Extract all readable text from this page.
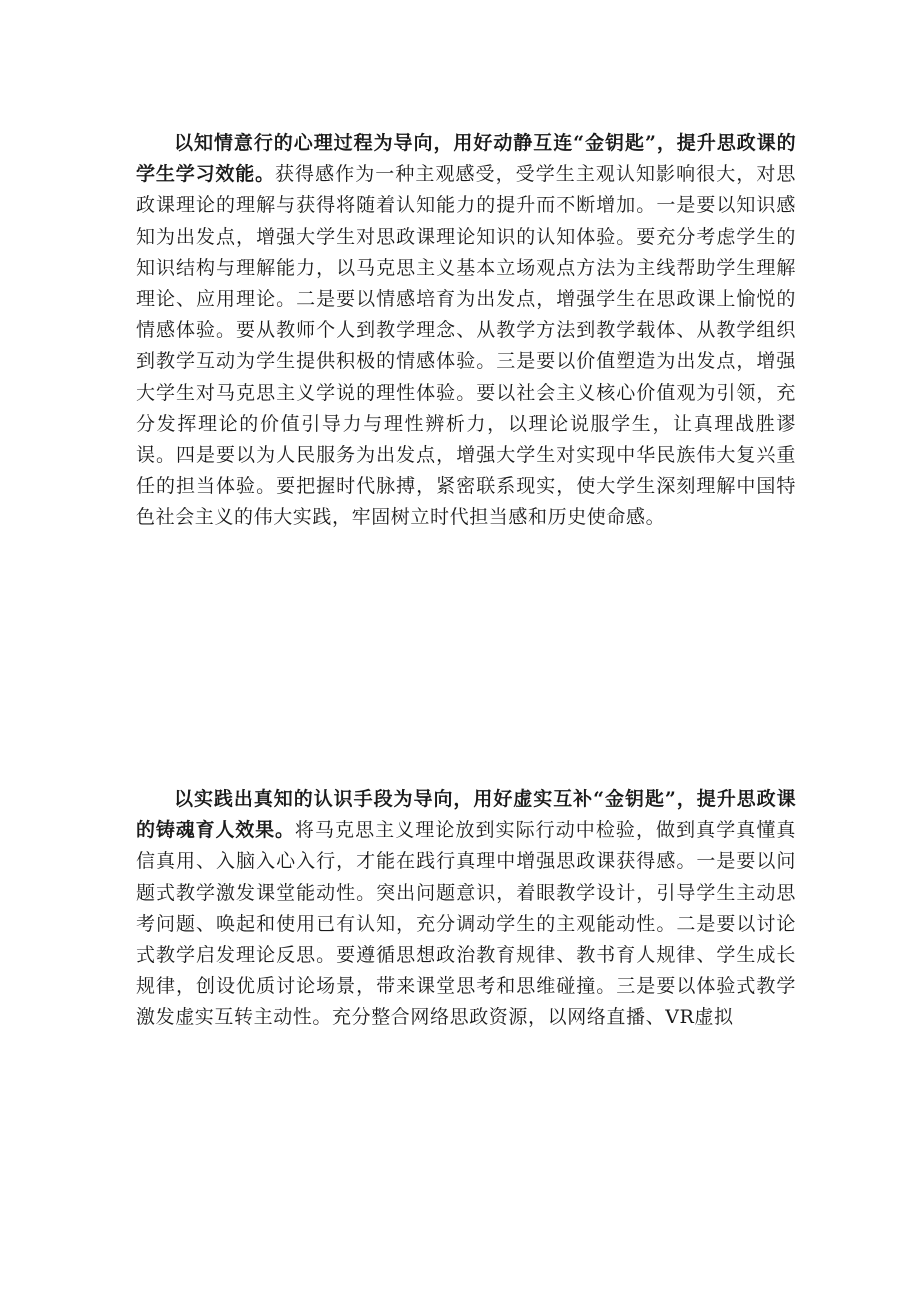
以知情意行的心理过程为导向，用好动静互连“金钥匙”，提升思政课的学生学习效能。获得感作为一种主观感受，受学生主观认知影响很大，对思政课理论的理解与获得将随着认知能力的提升而不断增加。一是要以知识感知为出发点，增强大学生对思政课理论知识的认知体验。要充分考虑学生的知识结构与理解能力，以马克思主义基本立场观点方法为主线帮助学生理解理论、应用理论。二是要以情感培育为出发点，增强学生在思政课上愉悦的情感体验。要从教师个人到教学理念、从教学方法到教学载体、从教学组织到教学互动为学生提供积极的情感体验。三是要以价值塑造为出发点，增强大学生对马克思主义学说的理性体验。要以社会主义核心价值观为引领，充分发挥理论的价值引导力与理性辨析力，以理论说服学生，让真理战胜谬误。四是要以为人民服务为出发点，增强大学生对实现中华民族伟大复兴重任的担当体验。要把握时代脉搏，紧密联系现实，使大学生深刻理解中国特色社会主义的伟大实践，牢固树立时代担当感和历史使命感。

以实践出真知的认识手段为导向，用好虚实互补“金钥匙”，提升思政课的铸魂育人效果。将马克思主义理论放到实际行动中检验，做到真学真懂真信真用、入脑入心入行，才能在践行真理中增强思政课获得感。一是要以问题式教学激发课堂能动性。突出问题意识，着眼教学设计，引导学生主动思考问题、唤起和使用已有认知，充分调动学生的主观能动性。二是要以讨论式教学启发理论反思。要遵循思想政治教育规律、教书育人规律、学生成长规律，创设优质讨论场景，带来课堂思考和思维碰撞。三是要以体验式教学激发虚实互转主动性。充分整合网络思政资源，以网络直播、VR虚拟
